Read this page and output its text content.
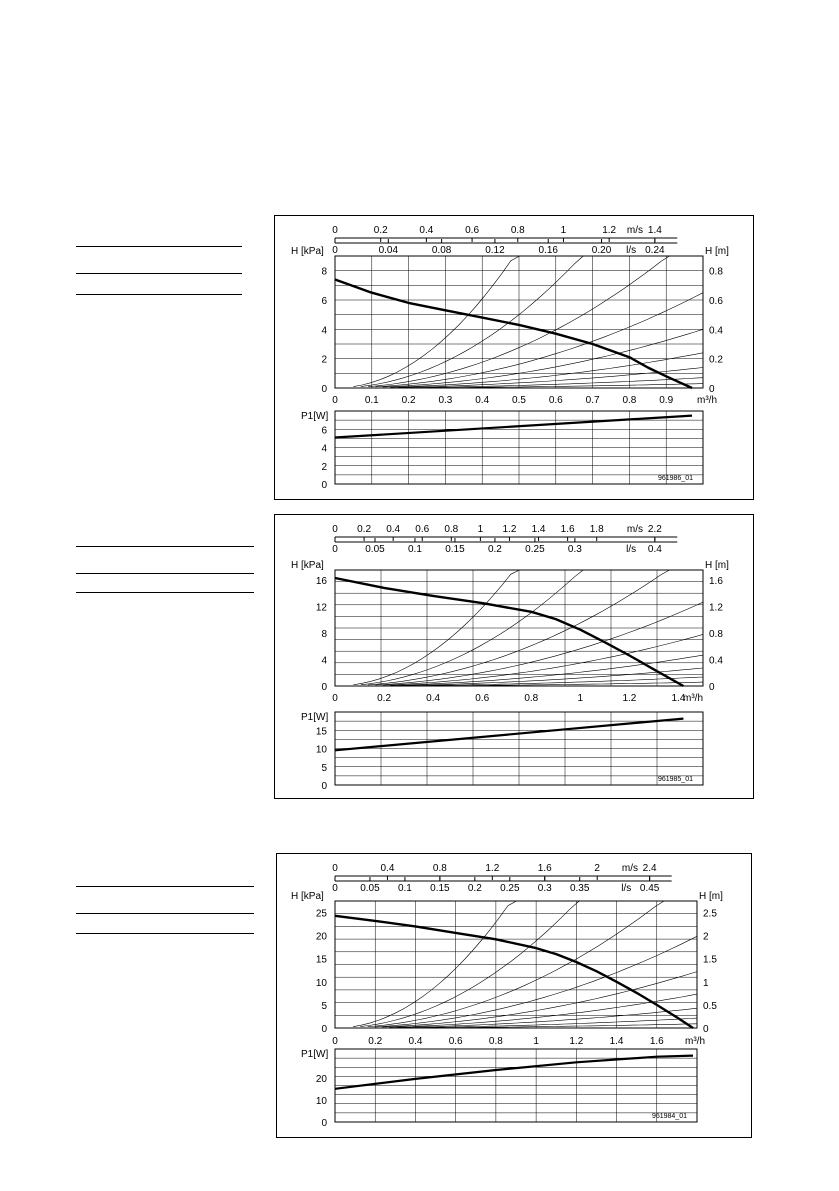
0	0.2	0.4	0.6	0.8	1	1.2	1.4
m/s
0	0.04	0.08	0.12	0.16	0.20	0.24
l/s
H [kPa]	H [m]
0
2
4
6
8
0
0.2
0.4
0.6
0.8
0	0.1 0.2 0.3 0.4 0.5 0.6 0.7 0.8 0.9 m³/h
P1[W]
0
2
4
6
961986_01
0 0.2 0.4 0.6 0.8 1 1.2 1.4 1.6 1.8	2.2
m/s
0	0.05 0.1 0.15 0.2 0.25 0.3	0.4
l/s
H [kPa]	H [m]
0
4
8
12
16
0
0.4
0.8
1.2
1.6
0	0.2	0.4	0.6	0.8	1	1.2	1.4
m³/h
P1[W]
0
5
10
15
961985_01
0	0.4	0.8	1.2	1.6	2	2.4
m/s
0 0.05 0.1 0.15 0.2 0.25 0.3 0.35	0.45
l/s
H [kPa]	H [m]
0
5
10
15
20
25
0
0.5
1
1.5
2
2.5
0	0.2	0.4	0.6	0.8	1	1.2	1.4	1.6 m³/h
P1[W]
0
10
20
961984_01
